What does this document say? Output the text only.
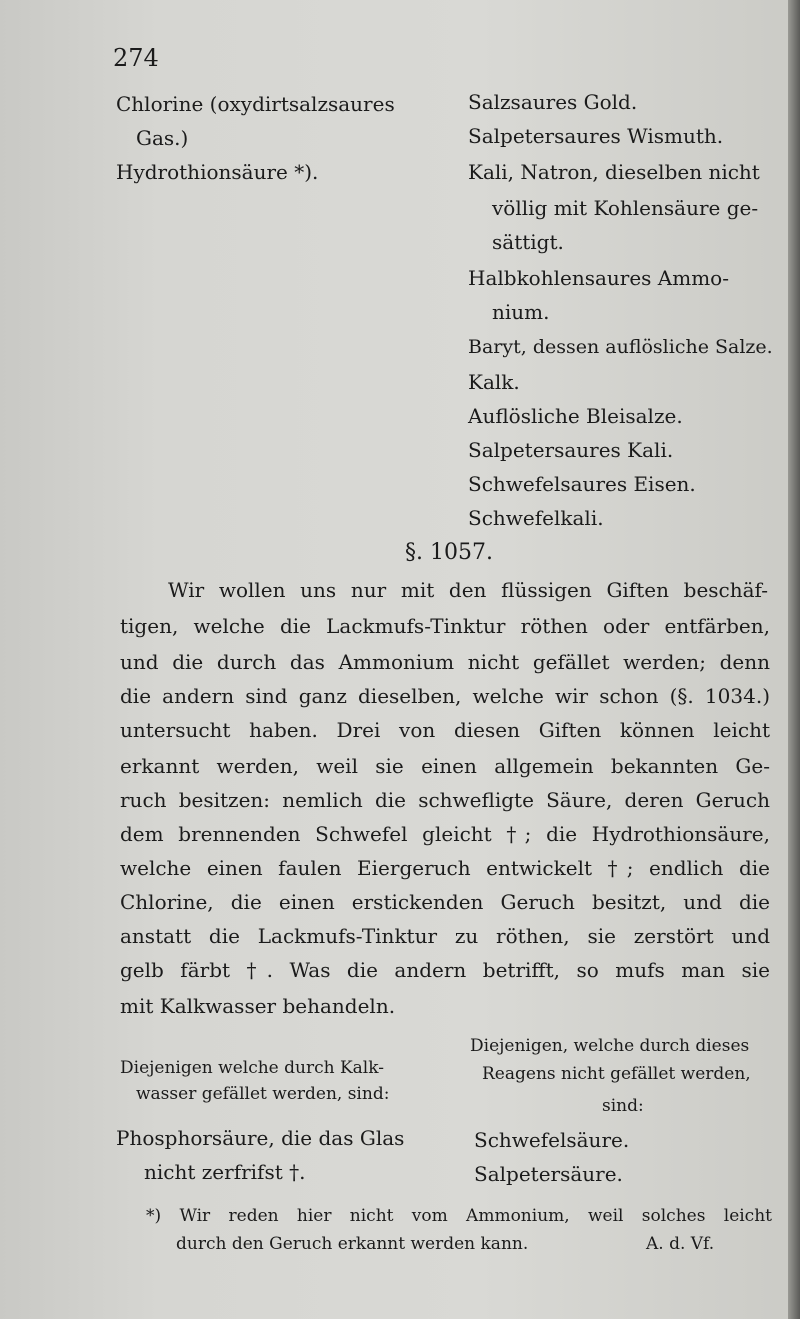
274
Chlorine (oxydirtsalzsaures
Gas.)
Hydrothionsäure *).
Salzsaures Gold.
Salpetersaures Wismuth.
Kali, Natron, dieselben nicht
völlig mit Kohlensäure ge-
sättigt.
Halbkohlensaures Ammo-
nium.
Baryt, dessen auflösliche Salze.
Kalk.
Auflösliche Bleisalze.
Salpetersaures Kali.
Schwefelsaures Eisen.
Schwefelkali.
§. 1057.
Wir wollen uns nur mit den flüssigen Giften beschäf-
tigen, welche die Lackmufs-Tinktur röthen oder entfärben,
und die durch das Ammonium nicht gefället werden; denn
die andern sind ganz dieselben, welche wir schon (§. 1034.)
untersucht haben. Drei von diesen Giften können leicht
erkannt werden, weil sie einen allgemein bekannten Ge-
ruch besitzen: nemlich die schwefligte Säure, deren Geruch
dem brennenden Schwefel gleicht †; die Hydrothionsäure,
welche einen faulen Eiergeruch entwickelt †; endlich die
Chlorine, die einen erstickenden Geruch besitzt, und die
anstatt die Lackmufs-Tinktur zu röthen, sie zerstört und
gelb färbt †. Was die andern betrifft, so mufs man sie
mit Kalkwasser behandeln.
Diejenigen welche durch Kalk-
wasser gefället werden, sind:
Diejenigen, welche durch dieses
Reagens nicht gefället werden,
sind:
Phosphorsäure, die das Glas
nicht zerfrifst †.
Schwefelsäure.
Salpetersäure.
*) Wir reden hier nicht vom Ammonium, weil solches leicht
durch den Geruch erkannt werden kann.	A. d. Vf.
